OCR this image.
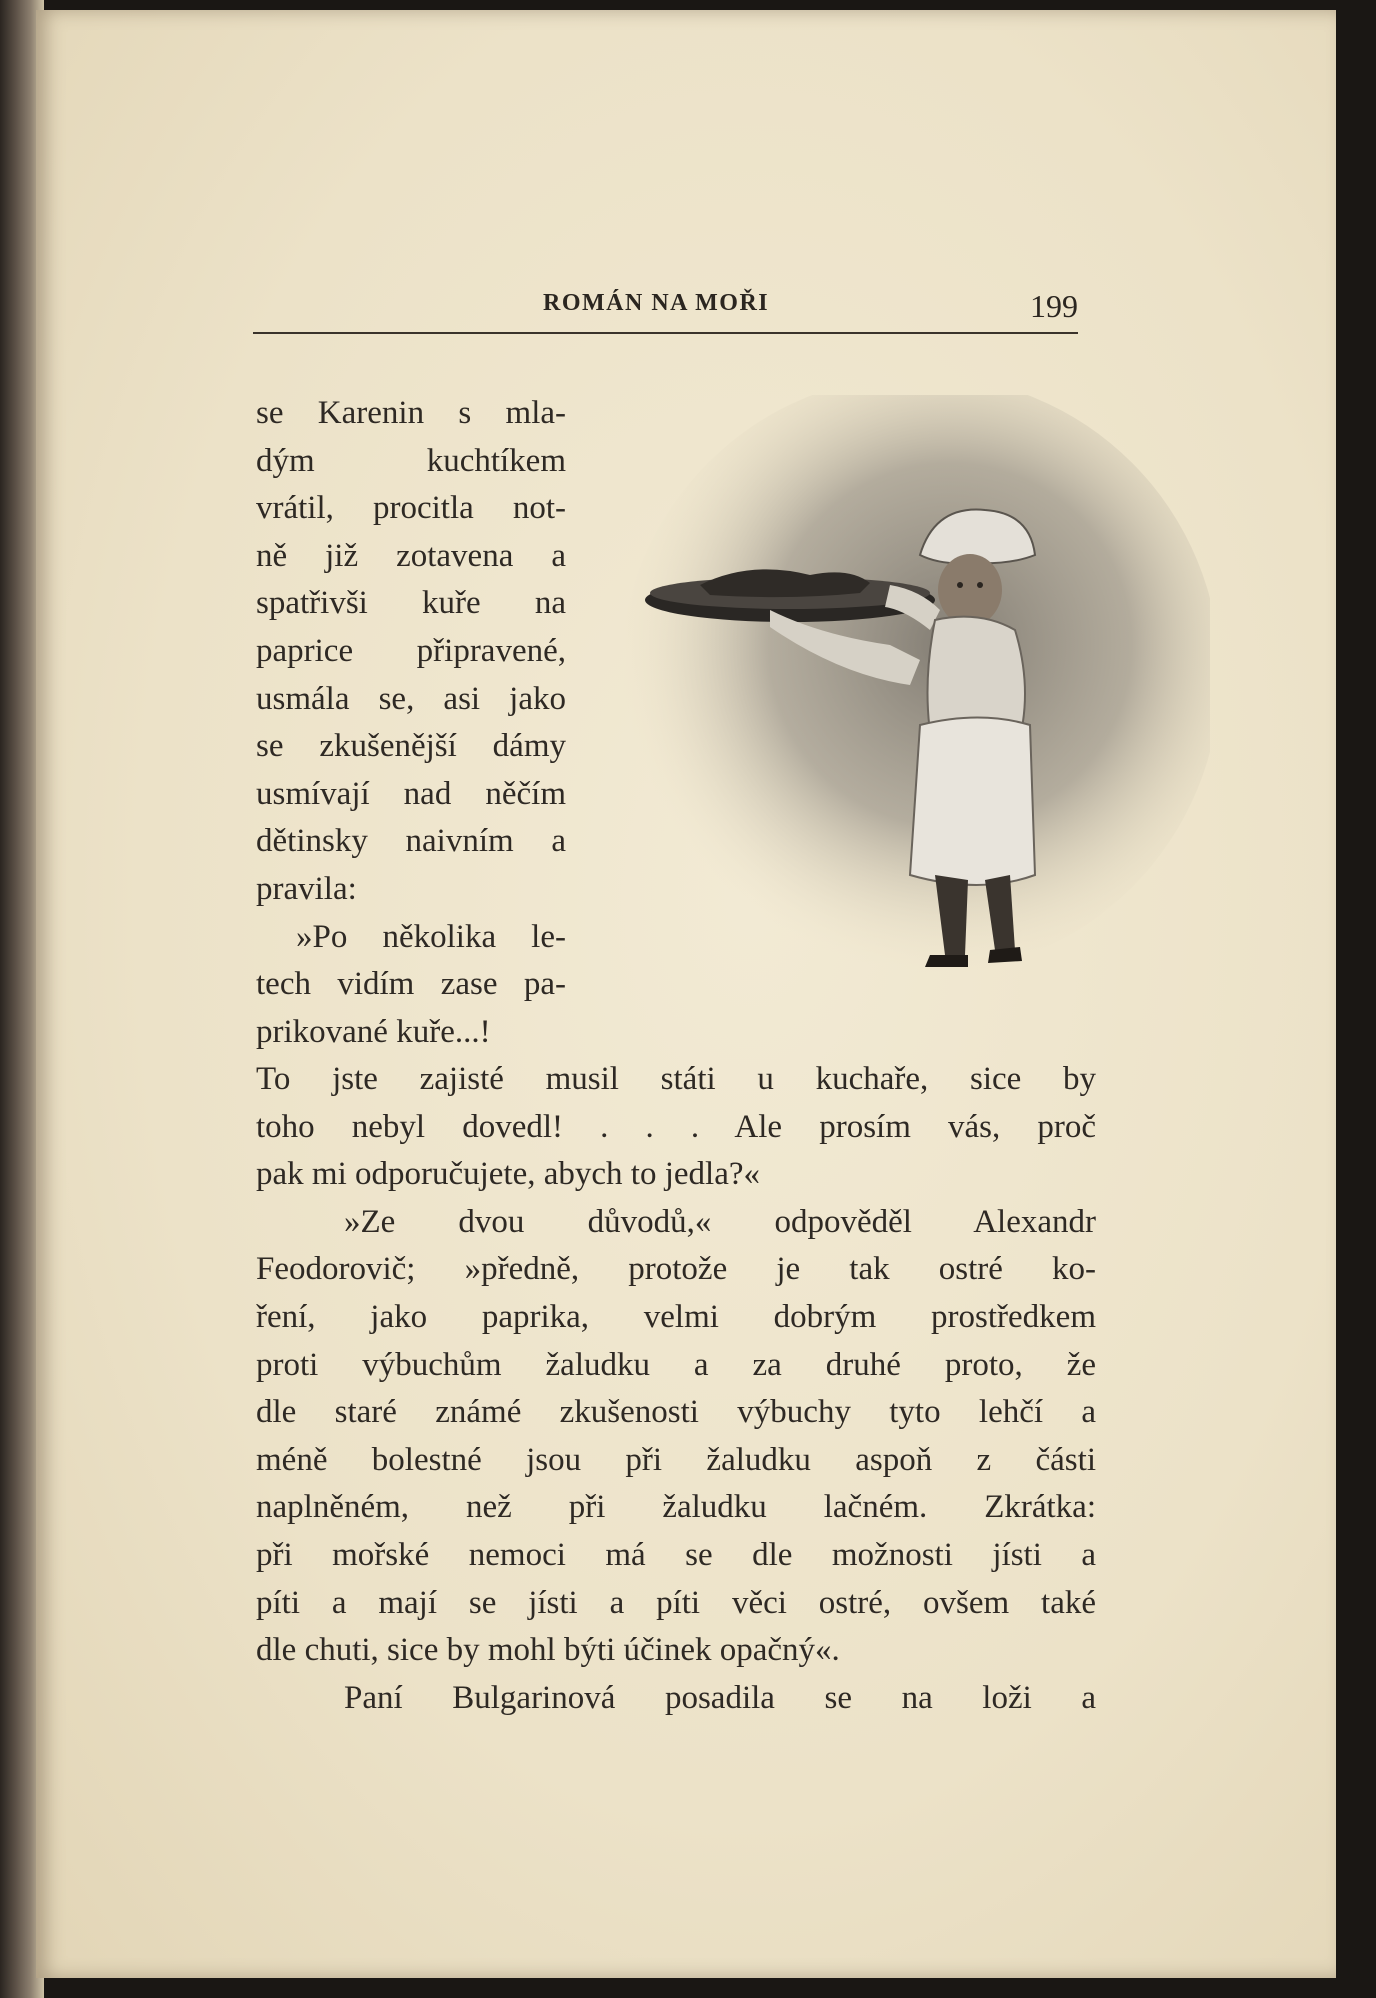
ROMÁN NA MOŘI	199
se Karenin s mla-
dým kuchtíkem
vrátil, procitla not-
ně již zotavena a
spatřivši kuře na
paprice připravené,
usmála se, asi jako
se zkušenější dámy
usmívají nad něčím
dětinsky naivním a
pravila:
»Po několika le-
tech vidím zase pa-
prikované kuře...!
To jste zajisté musil státi u kuchaře, sice by
toho nebyl dovedl! . . . Ale prosím vás, proč
pak mi odporučujete, abych to jedla?«
»Ze dvou důvodů,« odpověděl Alexandr
Feodorovič; »předně, protože je tak ostré ko-
ření, jako paprika, velmi dobrým prostředkem
proti výbuchům žaludku a za druhé proto, že
dle staré známé zkušenosti výbuchy tyto lehčí a
méně bolestné jsou při žaludku aspoň z části
naplněném, než při žaludku lačném. Zkrátka:
při mořské nemoci má se dle možnosti jísti a
píti a mají se jísti a píti věci ostré, ovšem také
dle chuti, sice by mohl býti účinek opačný«.
Paní Bulgarinová posadila se na loži a
